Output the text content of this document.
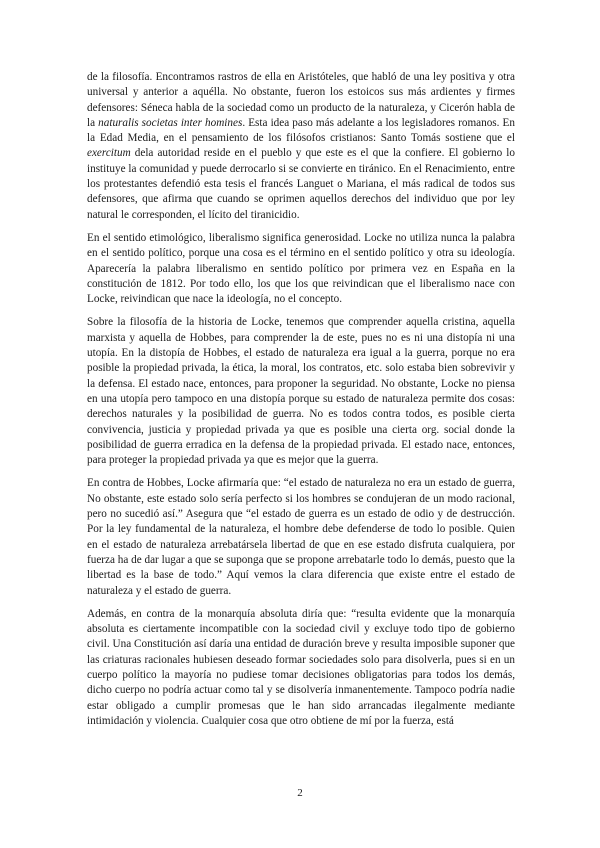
de la filosofía. Encontramos rastros de ella en Aristóteles, que habló de una ley positiva y otra universal y anterior a aquélla. No obstante, fueron los estoicos sus más ardientes y firmes defensores: Séneca habla de la sociedad como un producto de la naturaleza, y Cicerón habla de la naturalis societas inter homines. Esta idea paso más adelante a los legisladores romanos. En la Edad Media, en el pensamiento de los filósofos cristianos: Santo Tomás sostiene que el exercitum dela autoridad reside en el pueblo y que este es el que la confiere. El gobierno lo instituye la comunidad y puede derrocarlo si se convierte en tiránico. En el Renacimiento, entre los protestantes defendió esta tesis el francés Languet o Mariana, el más radical de todos sus defensores, que afirma que cuando se oprimen aquellos derechos del individuo que por ley natural le corresponden, el lícito del tiranicidio.

En el sentido etimológico, liberalismo significa generosidad. Locke no utiliza nunca la palabra en el sentido político, porque una cosa es el término en el sentido político y otra su ideología. Aparecería la palabra liberalismo en sentido político por primera vez en España en la constitución de 1812. Por todo ello, los que los que reivindican que el liberalismo nace con Locke, reivindican que nace la ideología, no el concepto.

Sobre la filosofía de la historia de Locke, tenemos que comprender aquella cristina, aquella marxista y aquella de Hobbes, para comprender la de este, pues no es ni una distopía ni una utopía. En la distopía de Hobbes, el estado de naturaleza era igual a la guerra, porque no era posible la propiedad privada, la ética, la moral, los contratos, etc. solo estaba bien sobrevivir y la defensa. El estado nace, entonces, para proponer la seguridad. No obstante, Locke no piensa en una utopía pero tampoco en una distopía porque su estado de naturaleza permite dos cosas: derechos naturales y la posibilidad de guerra. No es todos contra todos, es posible cierta convivencia, justicia y propiedad privada ya que es posible una cierta org. social donde la posibilidad de guerra erradica en la defensa de la propiedad privada. El estado nace, entonces, para proteger la propiedad privada ya que es mejor que la guerra.

En contra de Hobbes, Locke afirmaría que: “el estado de naturaleza no era un estado de guerra, No obstante, este estado solo sería perfecto si los hombres se condujeran de un modo racional, pero no sucedió así.” Asegura que “el estado de guerra es un estado de odio y de destrucción. Por la ley fundamental de la naturaleza, el hombre debe defenderse de todo lo posible. Quien en el estado de naturaleza arrebatársela libertad de que en ese estado disfruta cualquiera, por fuerza ha de dar lugar a que se suponga que se propone arrebatarle todo lo demás, puesto que la libertad es la base de todo.” Aquí vemos la clara diferencia que existe entre el estado de naturaleza y el estado de guerra.

Además, en contra de la monarquía absoluta diría que: “resulta evidente que la monarquía absoluta es ciertamente incompatible con la sociedad civil y excluye todo tipo de gobierno civil. Una Constitución así daría una entidad de duración breve y resulta imposible suponer que las criaturas racionales hubiesen deseado formar sociedades solo para disolverla, pues si en un cuerpo político la mayoría no pudiese tomar decisiones obligatorias para todos los demás, dicho cuerpo no podría actuar como tal y se disolvería inmanentemente. Tampoco podría nadie estar obligado a cumplir promesas que le han sido arrancadas ilegalmente mediante intimidación y violencia. Cualquier cosa que otro obtiene de mí por la fuerza, está

2
